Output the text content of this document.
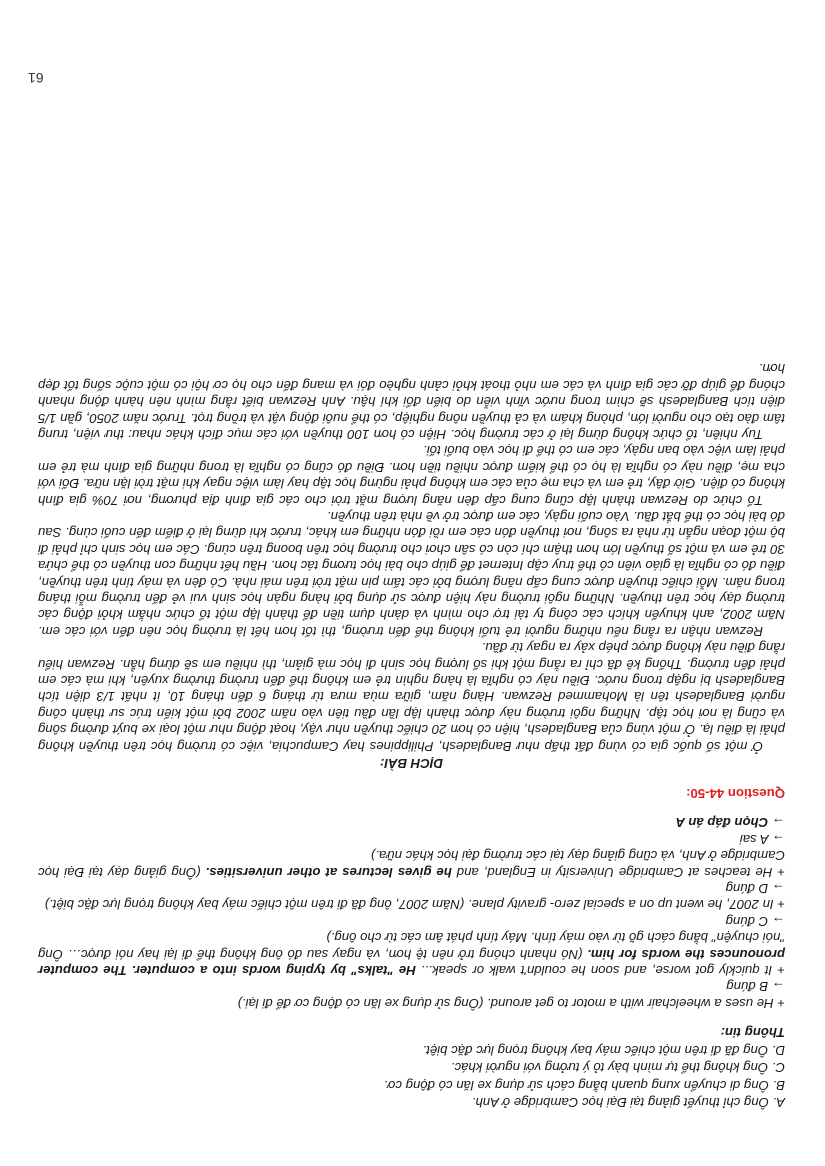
A. Ông chỉ thuyết giảng tại Đại học Cambridge ở Anh.

B. Ông di chuyển xung quanh bằng cách sử dụng xe lăn có động cơ.

C. Ông không thể tự mình bày tỏ ý tưởng với người khác.

D. Ông đã đi trên một chiếc máy bay không trọng lực đặc biệt.

Thông tin:

+ He uses a wheelchair with a motor to get around. (Ông sử dụng xe lăn có động cơ để đi lại.)

→ B đúng

+ It quickly got worse, and soon he couldn't walk or speak... He "talks" by typing words into a computer. The computer pronounces the words for him. (Nó nhanh chóng trở nên tệ hơn, và ngay sau đó ông không thể đi lại hay nói được… Ông "nói chuyện" bằng cách gõ từ vào máy tính. Máy tính phát âm các từ cho ông.)

→ C đúng

+ In 2007, he went up on a special zero- gravity plane. (Năm 2007, ông đã đi trên một chiếc máy bay không trọng lực đặc biệt.)

→ D đúng

+ He teaches at Cambridge University in England, and he gives lectures at other universities. (Ông giảng dạy tại Đại học Cambridge ở Anh, và cũng giảng dạy tại các trường đại học khác nữa.)

→ A sai

→ Chọn đáp án A

Question 44-50:

DỊCH BÀI:

Ở một số quốc gia có vùng đất thấp như Bangladesh, Philippines hay Campuchia, việc có trường học trên thuyền không phải là điều lạ. Ở một vùng của Bangladesh, hiện có hơn 20 chiếc thuyền như vậy, hoạt động như một loại xe buýt đường sông và cũng là nơi học tập. Những ngôi trường này được thành lập lần đầu tiên vào năm 2002 bởi một kiến trúc sư thành công người Bangladesh tên là Mohammed Rezwan. Hàng năm, giữa mùa mưa từ tháng 6 đến tháng 10, ít nhất 1/3 diện tích Bangladesh bị ngập trong nước. Điều này có nghĩa là hàng nghìn trẻ em không thể đến trường thường xuyên, khi mà các em phải đến trường. Thống kê đã chỉ ra rằng một khi số lượng học sinh đi học mà giảm, thì nhiều em sẽ dừng hẳn. Rezwan hiểu rằng điều này không được phép xảy ra ngay từ đầu.

Rezwan nhận ra rằng nếu những người trẻ tuổi không thể đến trường, thì tốt hơn hết là trường học nên đến với các em. Năm 2002, anh khuyến khích các công ty tài trợ cho mình và dành dụm tiền để thành lập một tổ chức nhằm khởi động các trường dạy học trên thuyền. Những ngôi trường này hiện được sử dụng bởi hàng ngàn học sinh vui vẻ đến trường mỗi tháng trong năm. Mỗi chiếc thuyền được cung cấp năng lượng bởi các tấm pin mặt trời trên mái nhà. Có đèn và máy tính trên thuyền, điều đó có nghĩa là giáo viên có thể truy cập Internet để giúp cho bài học tương tác hơn. Hầu hết những con thuyền có thể chứa 30 trẻ em và một số thuyền lớn hơn thậm chí còn có sân chơi cho trường học trên boong trên cùng. Các em học sinh chỉ phải đi bộ một đoạn ngắn từ nhà ra sông, nơi thuyền đón các em rồi đón những em khác, trước khi dừng lại ở điểm đến cuối cùng. Sau đó bài học có thể bắt đầu. Vào cuối ngày, các em được trở về nhà trên thuyền.

Tổ chức do Rezwan thành lập cũng cung cấp đèn năng lượng mặt trời cho các gia đình địa phương, nơi 70% gia đình không có điện. Giờ đây, trẻ em và cha mẹ của các em không phải ngừng học tập hay làm việc ngay khi mặt trời lặn nữa. Đối với cha mẹ, điều này có nghĩa là họ có thể kiếm được nhiều tiền hơn. Điều đó cũng có nghĩa là trong những gia đình mà trẻ em phải làm việc vào ban ngày, các em có thể đi học vào buổi tối.

Tuy nhiên, tổ chức không dừng lại ở các trường học. Hiện có hơn 100 thuyền với các mục đích khác nhau: thư viện, trung tâm đào tạo cho người lớn, phòng khám và cả thuyền nông nghiệp, có thể nuôi động vật và trồng trọt. Trước năm 2050, gần 1/5 diện tích Bangladesh sẽ chìm trong nước vĩnh viễn do biến đổi khí hậu. Anh Rezwan biết rằng mình nên hành động nhanh chóng để giúp đỡ các gia đình và các em nhỏ thoát khỏi cảnh nghèo đói và mang đến cho họ cơ hội có một cuộc sống tốt đẹp hơn.

61
